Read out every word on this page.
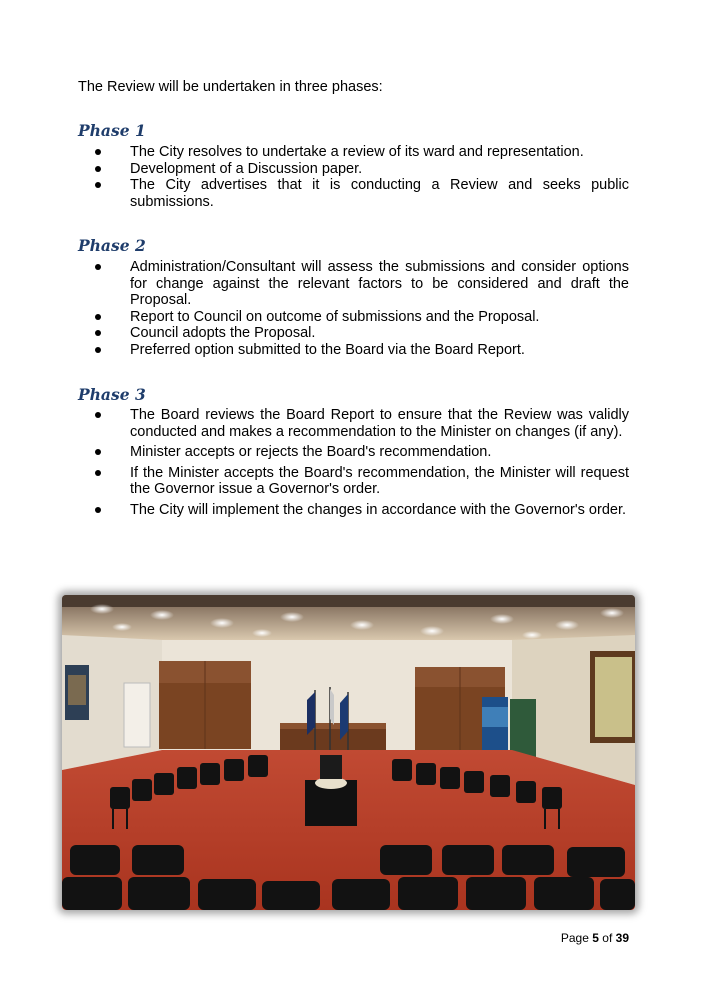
The Review will be undertaken in three phases:
Phase 1
The City resolves to undertake a review of its ward and representation.
Development of a Discussion paper.
The City advertises that it is conducting a Review and seeks public submissions.
Phase 2
Administration/Consultant will assess the submissions and consider options for change against the relevant factors to be considered and draft the Proposal.
Report to Council on outcome of submissions and the Proposal.
Council adopts the Proposal.
Preferred option submitted to the Board via the Board Report.
Phase 3
The Board reviews the Board Report to ensure that the Review was validly conducted and makes a recommendation to the Minister on changes (if any).
Minister accepts or rejects the Board's recommendation.
If the Minister accepts the Board's recommendation, the Minister will request the Governor issue a Governor's order.
The City will implement the changes in accordance with the Governor's order.
Page 5 of 39
